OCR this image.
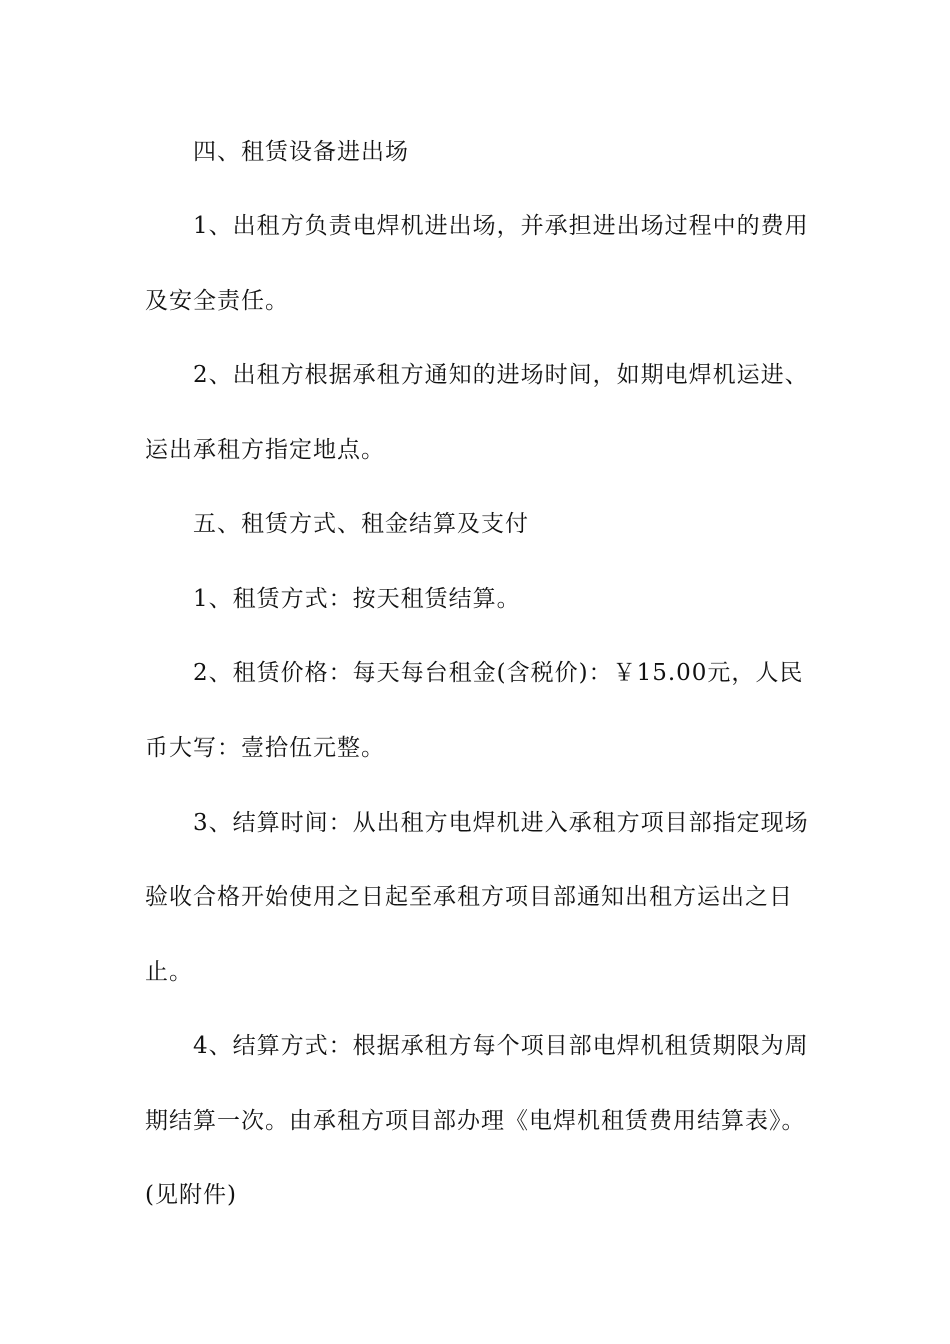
四、租赁设备进出场
1、出租方负责电焊机进出场，并承担进出场过程中的费用
及安全责任。
2、出租方根据承租方通知的进场时间，如期电焊机运进、
运出承租方指定地点。
五、租赁方式、租金结算及支付
1、租赁方式：按天租赁结算。
2、租赁价格：每天每台租金(含税价)：￥15.00元，人民
币大写：壹拾伍元整。
3、结算时间：从出租方电焊机进入承租方项目部指定现场
验收合格开始使用之日起至承租方项目部通知出租方运出之日
止。
4、结算方式：根据承租方每个项目部电焊机租赁期限为周
期结算一次。由承租方项目部办理《电焊机租赁费用结算表》。
(见附件)
